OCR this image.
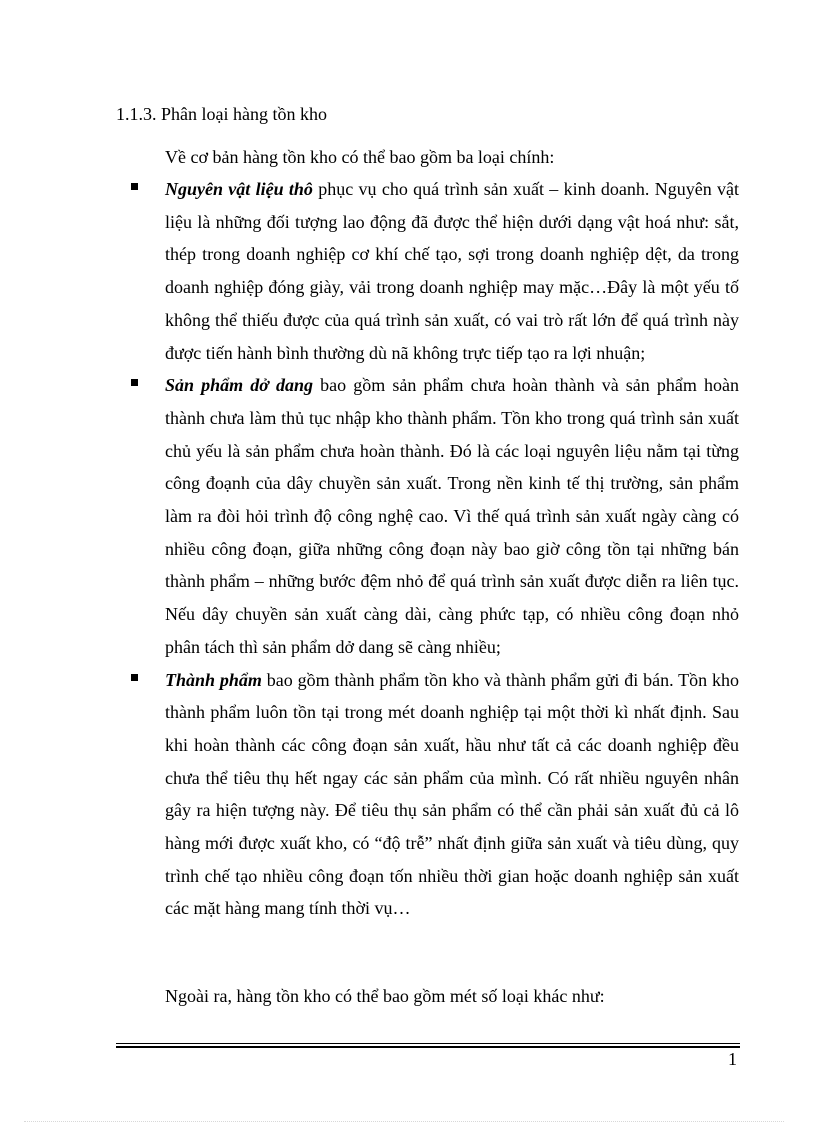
1.1.3. Phân loại hàng tồn kho

Về cơ bản hàng tồn kho có thể bao gồm ba loại chính:

Nguyên vật liệu thô phục vụ cho quá trình sản xuất – kinh doanh. Nguyên vật liệu là những đối tượng lao động đã được thể hiện dưới dạng vật hoá như: sắt, thép trong doanh nghiệp cơ khí chế tạo, sợi trong doanh nghiệp dệt, da trong doanh nghiệp đóng giày, vải trong doanh nghiệp may mặc…Đây là một yếu tố không thể thiếu được của quá trình sản xuất, có vai trò rất lớn để quá trình này được tiến hành bình thường dù nã không trực tiếp tạo ra lợi nhuận;

Sản phẩm dở dang bao gồm sản phẩm chưa hoàn thành và sản phẩm hoàn thành chưa làm thủ tục nhập kho thành phẩm. Tồn kho trong quá trình sản xuất chủ yếu là sản phẩm chưa hoàn thành. Đó là các loại nguyên liệu nằm tại từng công đoạnh của dây chuyền sản xuất. Trong nền kinh tế thị trường, sản phẩm làm ra đòi hỏi trình độ công nghệ cao. Vì thế quá trình sản xuất ngày càng có nhiều công đoạn, giữa những công đoạn này bao giờ công tồn tại những bán thành phẩm – những bước đệm nhỏ để quá trình sản xuất được diễn ra liên tục. Nếu dây chuyền sản xuất càng dài, càng phức tạp, có nhiều công đoạn nhỏ phân tách thì sản phẩm dở dang sẽ càng nhiều;

Thành phẩm bao gồm thành phẩm tồn kho và thành phẩm gửi đi bán. Tồn kho thành phẩm luôn tồn tại trong mét doanh nghiệp tại một thời kì nhất định. Sau khi hoàn thành các công đoạn sản xuất, hầu như tất cả các doanh nghiệp đều chưa thể tiêu thụ hết ngay các sản phẩm của mình. Có rất nhiều nguyên nhân gây ra hiện tượng này. Để tiêu thụ sản phẩm có thể cần phải sản xuất đủ cả lô hàng mới được xuất kho, có “độ trễ” nhất định giữa sản xuất và tiêu dùng, quy trình chế tạo nhiều công đoạn tốn nhiều thời gian hoặc doanh nghiệp sản xuất các mặt hàng mang tính thời vụ…

Ngoài ra, hàng tồn kho có thể bao gồm mét số loại khác như:

1
